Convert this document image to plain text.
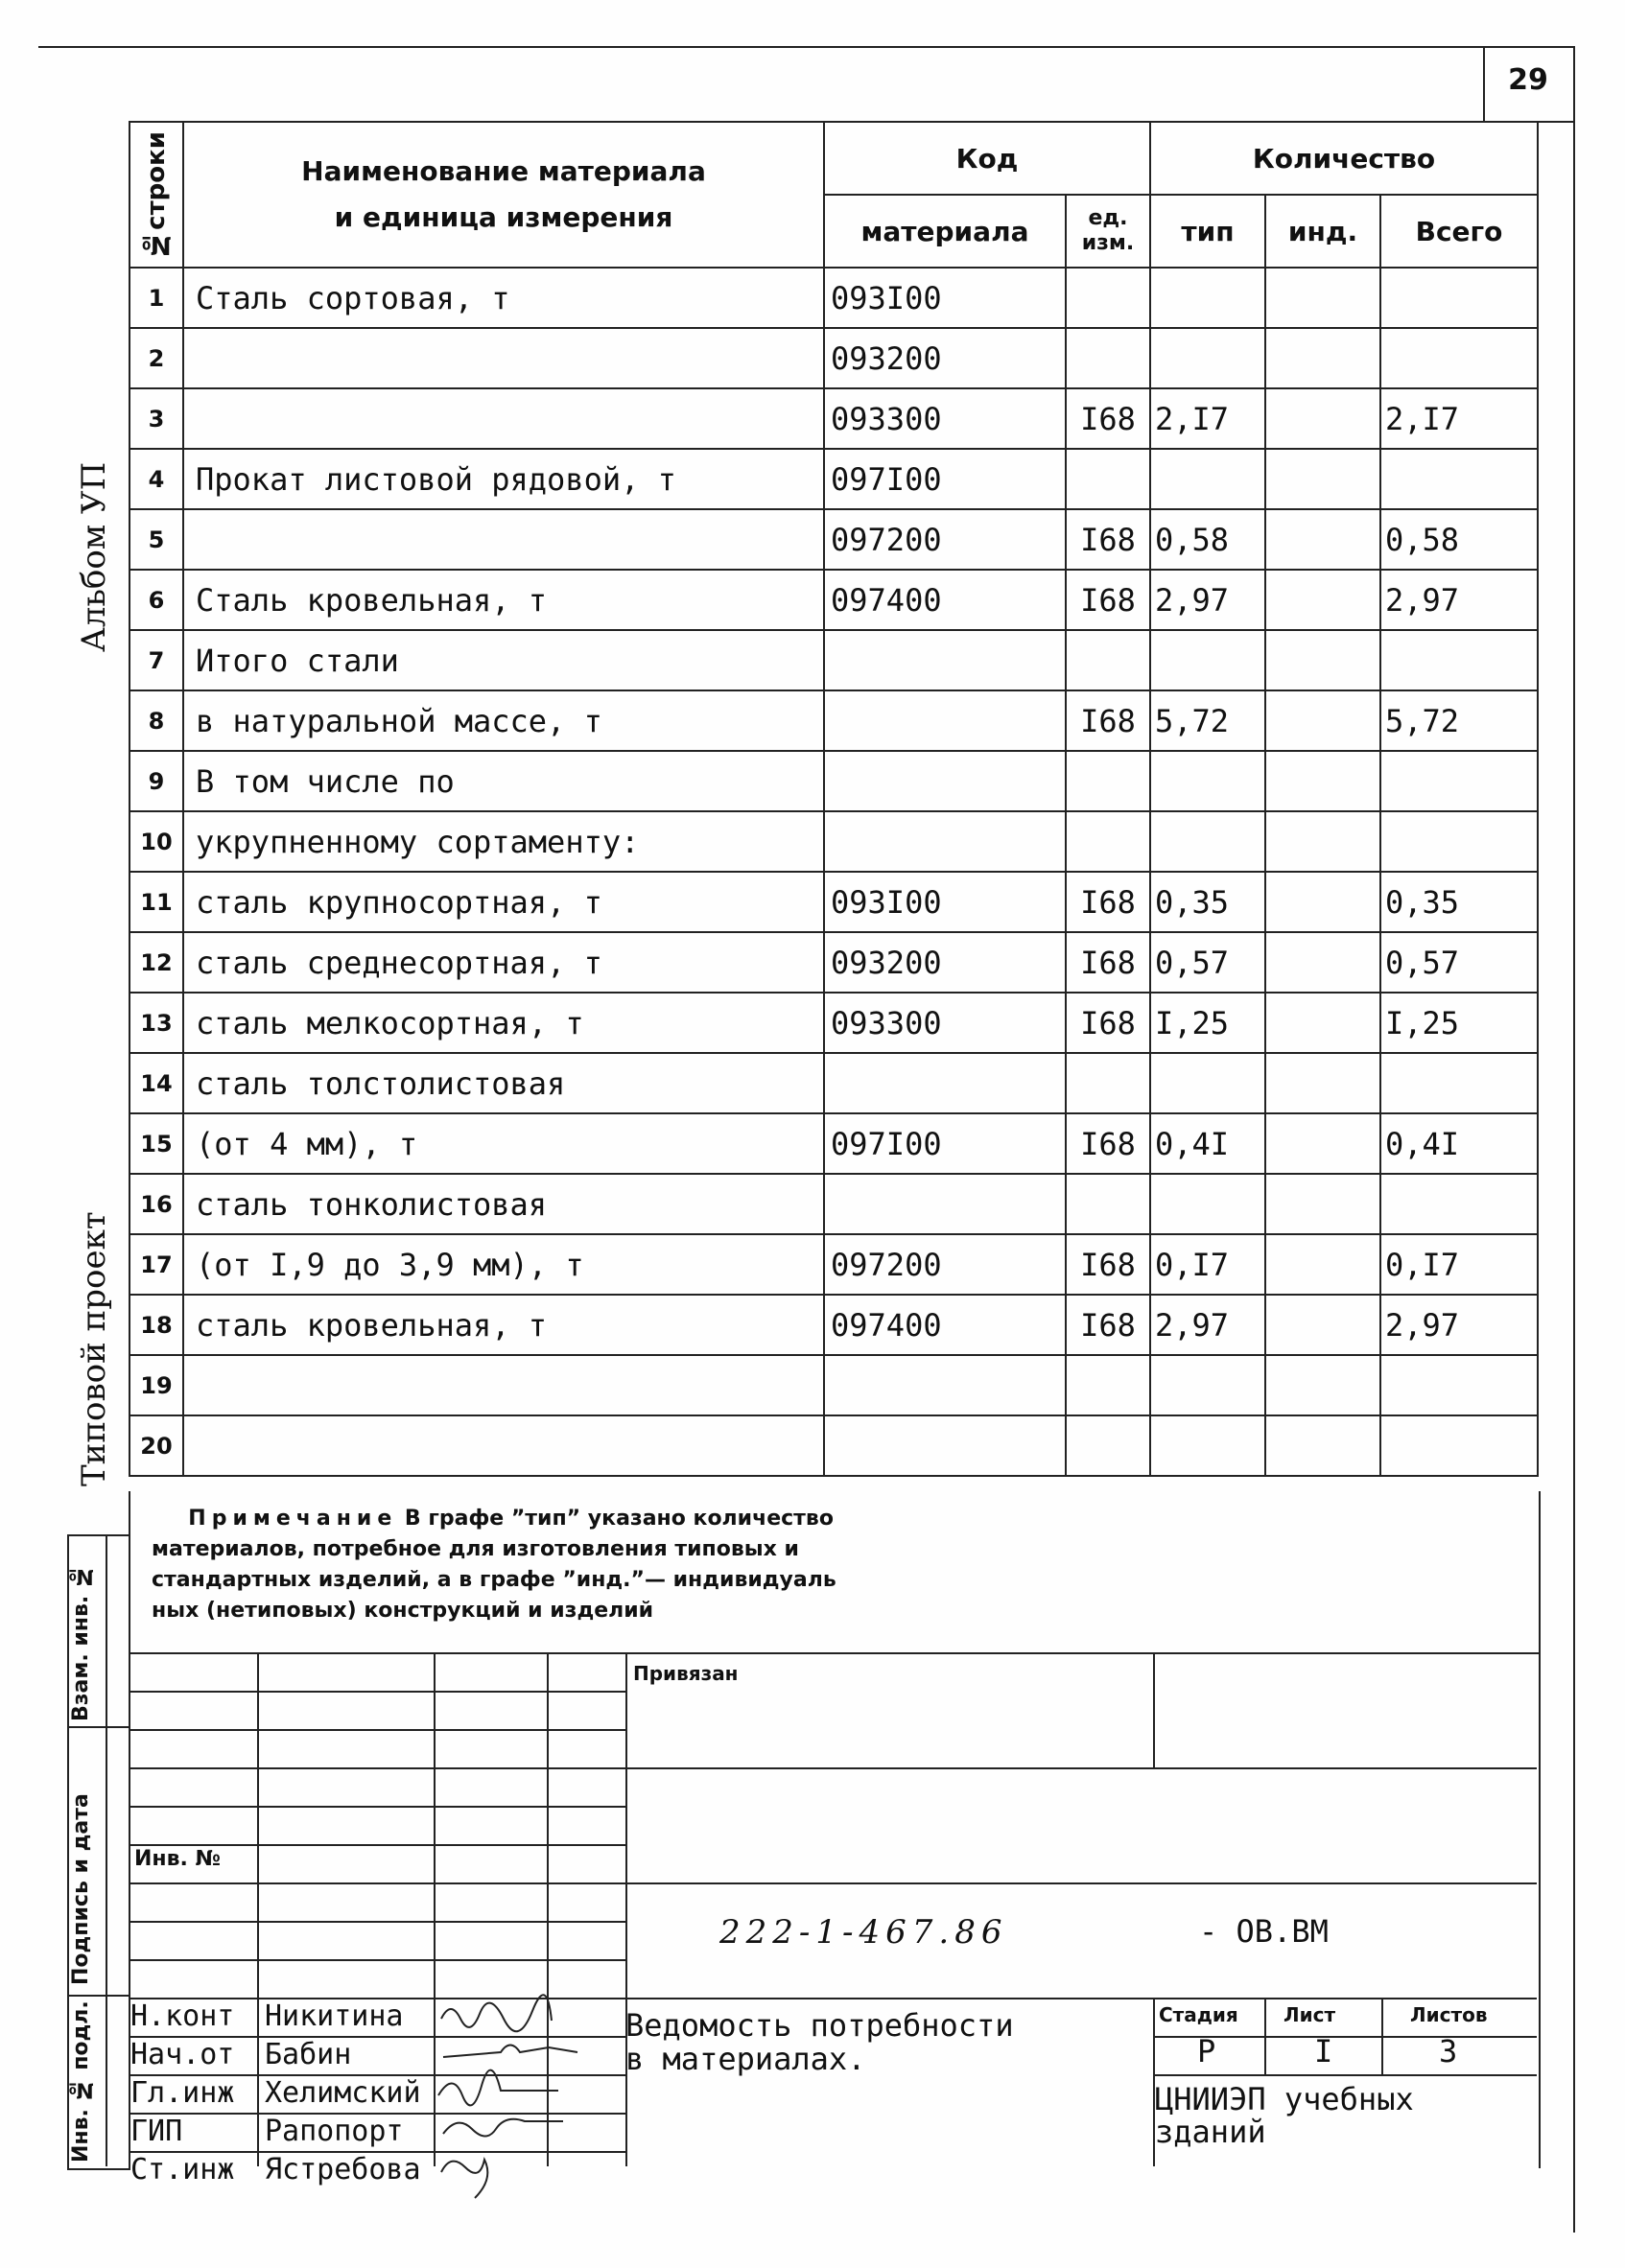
29
Альбом УП
Типовой проект
№строки	Наименование материала
и единица измерения	Код		Количество		
		материала	ед.
изм.	тип	инд.	Всего
1	Сталь сортовая, т	093I00				
2		093200				
3		093300	I68	2,I7		2,I7
4	Прокат листовой рядовой, т	097I00				
5		097200	I68	0,58		0,58
6	Сталь кровельная, т	097400	I68	2,97		2,97
7	Итого стали					
8	в натуральной массе, т		I68	5,72		5,72
9	В том числе по					
10	укрупненному сортаменту:					
11	сталь крупносортная, т	093I00	I68	0,35		0,35
12	сталь среднесортная, т	093200	I68	0,57		0,57
13	сталь мелкосортная, т	093300	I68	I,25		I,25
14	сталь толстолистовая					
15	(от 4 мм), т	097I00	I68	0,4I		0,4I
16	сталь тонколистовая					
17	(от I,9 до 3,9 мм), т	097200	I68	0,I7		0,I7
18	сталь кровельная, т	097400	I68	2,97		2,97
19						
20						
Примечание В графе ”тип” указано количество
материалов, потребное для изготовления типовых и
стандартных изделий, а в графе ”инд.”— индивидуаль
ных (нетиповых) конструкций и изделий
Привязан
Инв. №
222-1-467.86	- ОВ.ВМ
Ведомость потребности
в материалах.
Стадия Лист	Листов
Р	I	3
ЦНИИЭП учебных
зданий
Н.конт Никитина
Нач.от Бабин
Гл.инж Хелимский
ГИП	Рапопорт
Ст.инж Ястребова
Взам. инв. №
Подпись и дата
Инв. № подл.
